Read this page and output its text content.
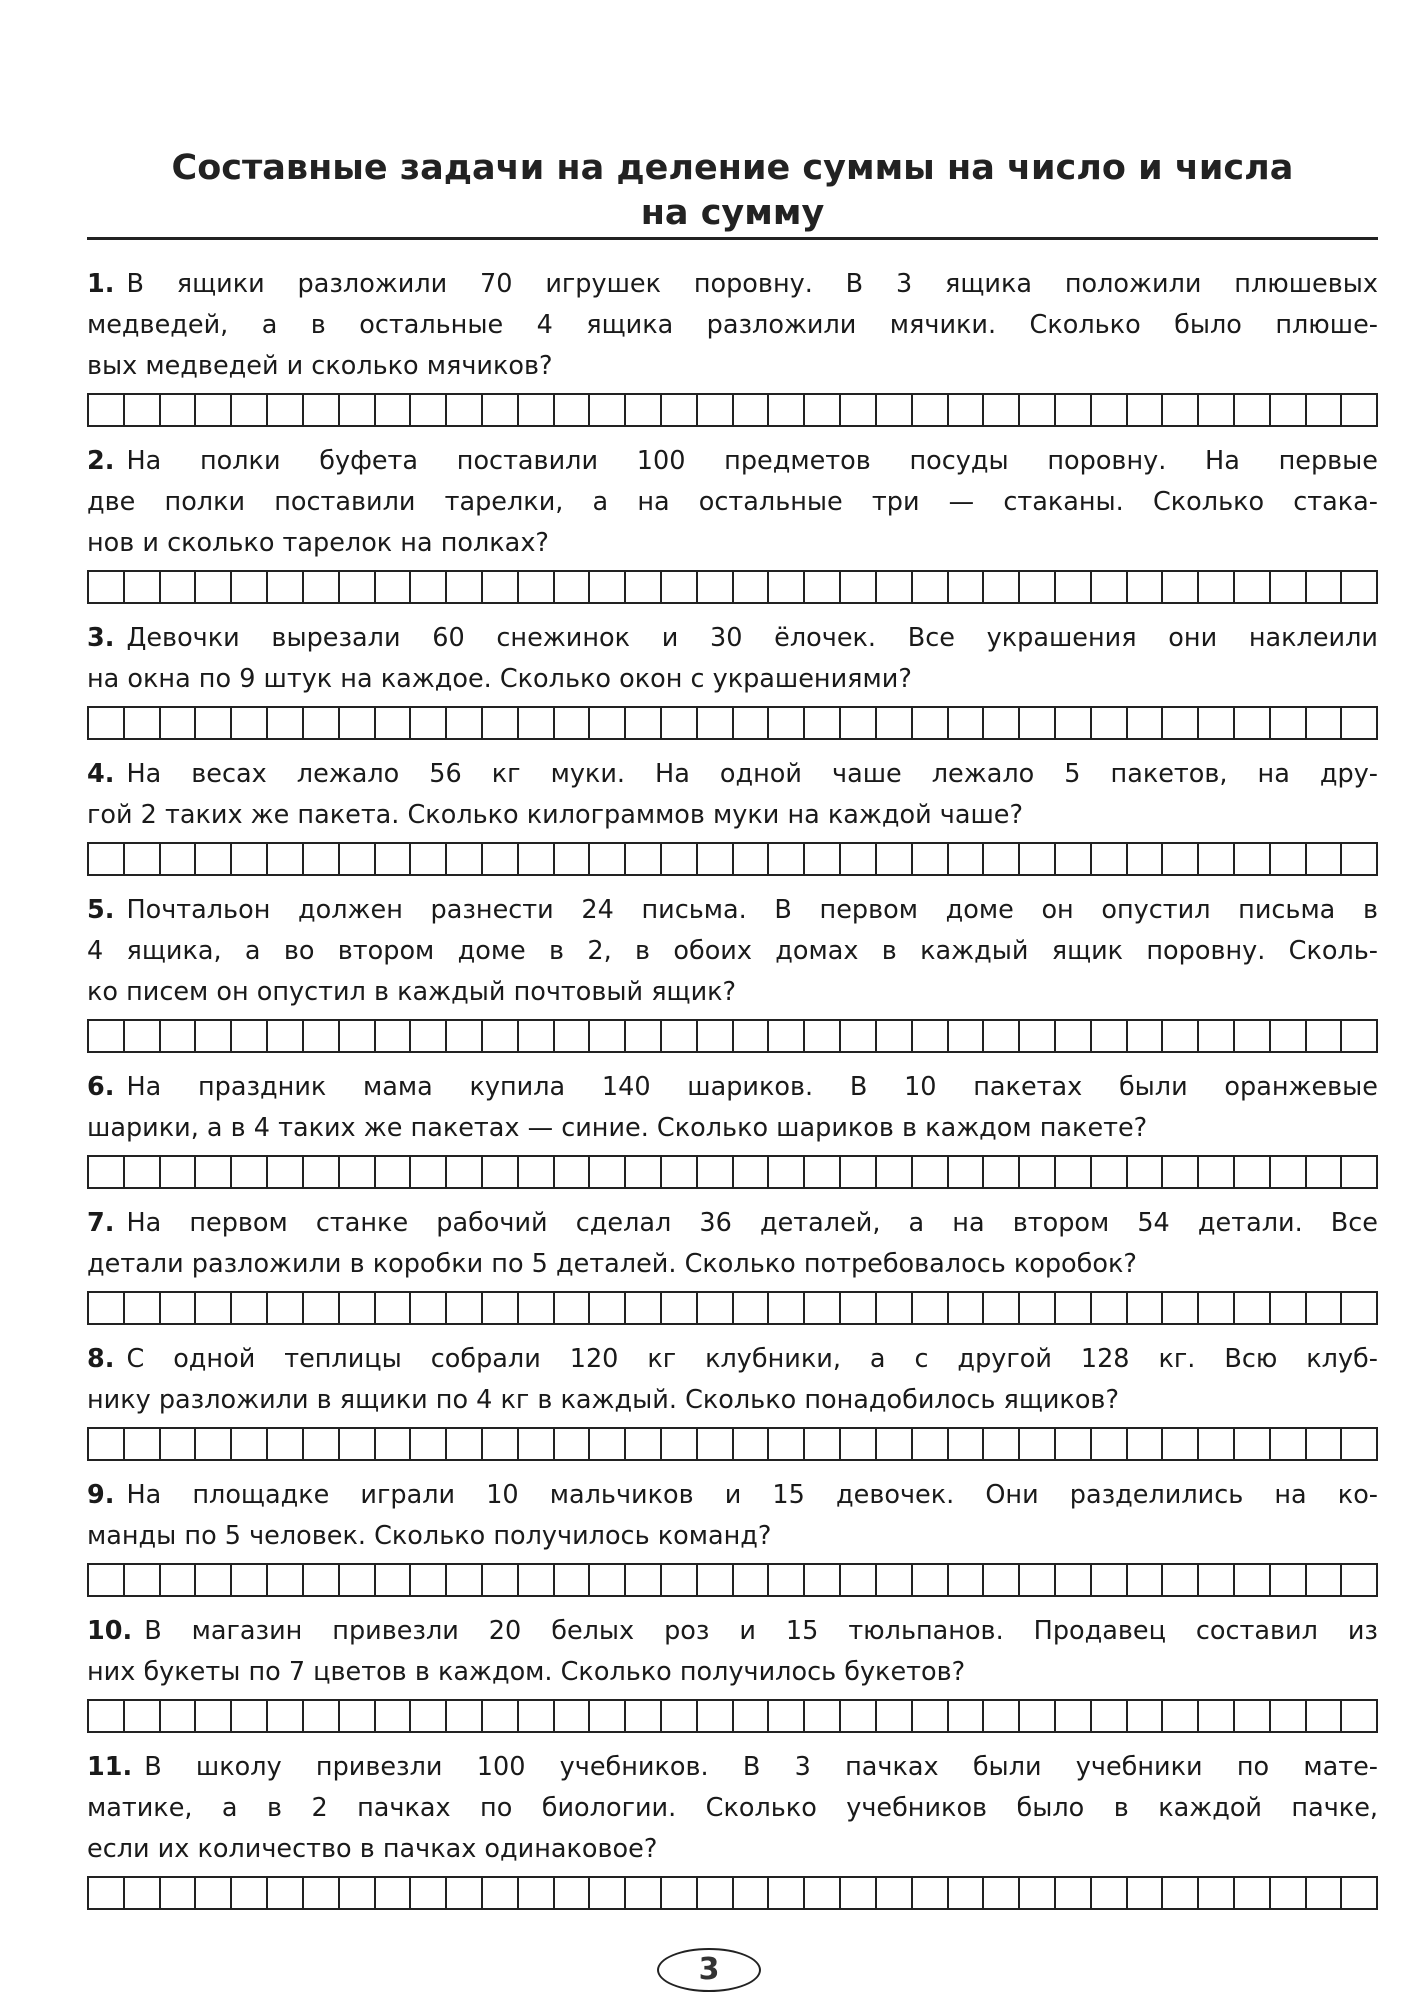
Составные задачи на деление суммы на число и числа
на сумму
1. В ящики разложили 70 игрушек поровну. В 3 ящика положили плюшевых
медведей, а в остальные 4 ящика разложили мячики. Сколько было плюше-
вых медведей и сколько мячиков?
2. На полки буфета поставили 100 предметов посуды поровну. На первые
две полки поставили тарелки, а на остальные три — стаканы. Сколько стака-
нов и сколько тарелок на полках?
3. Девочки вырезали 60 снежинок и 30 ёлочек. Все украшения они наклеили
на окна по 9 штук на каждое. Сколько окон с украшениями?
4. На весах лежало 56 кг муки. На одной чаше лежало 5 пакетов, на дру-
гой 2 таких же пакета. Сколько килограммов муки на каждой чаше?
5. Почтальон должен разнести 24 письма. В первом доме он опустил письма в
4 ящика, а во втором доме в 2, в обоих домах в каждый ящик поровну. Сколь-
ко писем он опустил в каждый почтовый ящик?
6. На праздник мама купила 140 шариков. В 10 пакетах были оранжевые
шарики, а в 4 таких же пакетах — синие. Сколько шариков в каждом пакете?
7. На первом станке рабочий сделал 36 деталей, а на втором 54 детали. Все
детали разложили в коробки по 5 деталей. Сколько потребовалось коробок?
8. С одной теплицы собрали 120 кг клубники, а с другой 128 кг. Всю клуб-
нику разложили в ящики по 4 кг в каждый. Сколько понадобилось ящиков?
9. На площадке играли 10 мальчиков и 15 девочек. Они разделились на ко-
манды по 5 человек. Сколько получилось команд?
10. В магазин привезли 20 белых роз и 15 тюльпанов. Продавец составил из
них букеты по 7 цветов в каждом. Сколько получилось букетов?
11. В школу привезли 100 учебников. В 3 пачках были учебники по мате-
матике, а в 2 пачках по биологии. Сколько учебников было в каждой пачке,
если их количество в пачках одинаковое?
3
